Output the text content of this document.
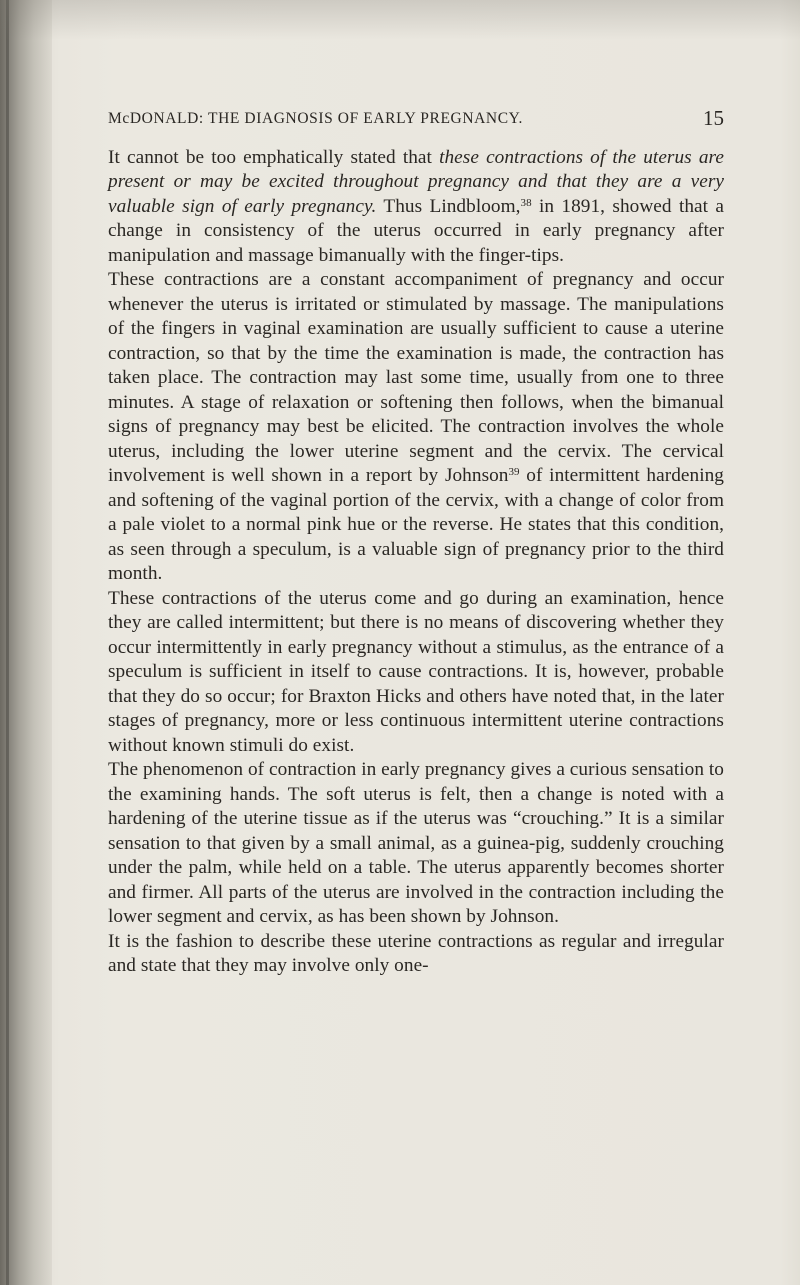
McDONALD: THE DIAGNOSIS OF EARLY PREGNANCY.	15

It cannot be too emphatically stated that these contractions of the uterus are present or may be excited throughout pregnancy and that they are a very valuable sign of early pregnancy. Thus Lindbloom,$^{38}$ in 1891, showed that a change in consistency of the uterus occurred in early pregnancy after manipulation and massage bimanually with the finger-tips.

These contractions are a constant accompaniment of pregnancy and occur whenever the uterus is irritated or stimulated by massage. The manipulations of the fingers in vaginal examination are usually sufficient to cause a uterine contraction, so that by the time the examination is made, the contraction has taken place. The contraction may last some time, usually from one to three minutes. A stage of relaxation or softening then follows, when the bimanual signs of pregnancy may best be elicited. The contraction involves the whole uterus, including the lower uterine segment and the cervix. The cervical involvement is well shown in a report by Johnson$^{39}$ of intermittent hardening and softening of the vaginal portion of the cervix, with a change of color from a pale violet to a normal pink hue or the reverse. He states that this condition, as seen through a speculum, is a valuable sign of pregnancy prior to the third month.

These contractions of the uterus come and go during an examination, hence they are called intermittent; but there is no means of discovering whether they occur intermittently in early pregnancy without a stimulus, as the entrance of a speculum is sufficient in itself to cause contractions. It is, however, probable that they do so occur; for Braxton Hicks and others have noted that, in the later stages of pregnancy, more or less continuous intermittent uterine contractions without known stimuli do exist.

The phenomenon of contraction in early pregnancy gives a curious sensation to the examining hands. The soft uterus is felt, then a change is noted with a hardening of the uterine tissue as if the uterus was “crouching.” It is a similar sensation to that given by a small animal, as a guinea-pig, suddenly crouching under the palm, while held on a table. The uterus apparently becomes shorter and firmer. All parts of the uterus are involved in the contraction including the lower segment and cervix, as has been shown by Johnson.

It is the fashion to describe these uterine contractions as regular and irregular and state that they may involve only one-
